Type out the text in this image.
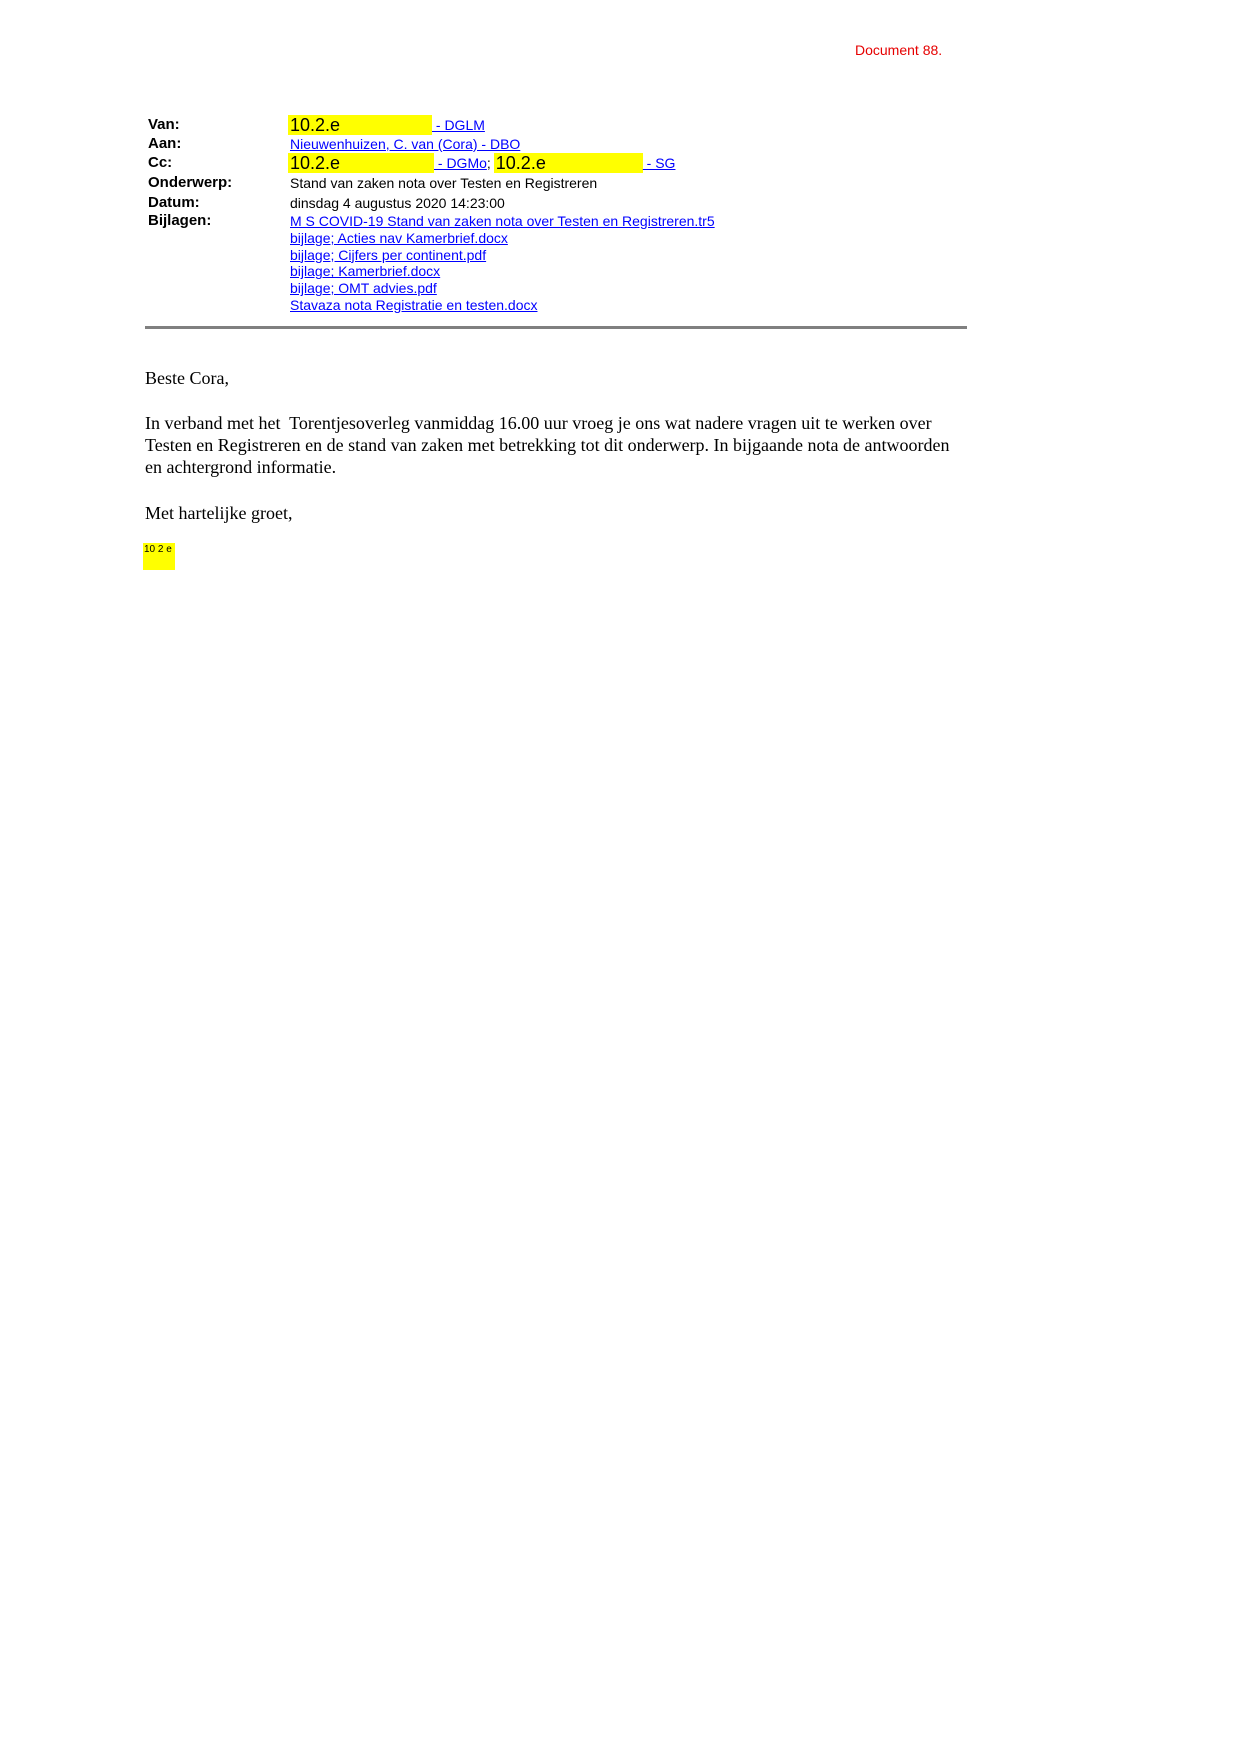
Document 88.
Van:	10.2.e	- DGLM
Aan:	Nieuwenhuizen, C. van (Cora) - DBO
Cc:	10.2.e	- DGMo ; 10.2.e	- SG
Onderwerp:	Stand van zaken nota over Testen en Registreren
Datum:	dinsdag 4 augustus 2020 14:23:00
Bijlagen:	M S COVID-19 Stand van zaken nota over Testen en Registreren.tr5
bijlage; Acties nav Kamerbrief.docx
bijlage; Cijfers per continent.pdf
bijlage; Kamerbrief.docx
bijlage; OMT advies.pdf
Stavaza nota Registratie en testen.docx
Beste Cora,
In verband met het  Torentjesoverleg vanmiddag 16.00 uur vroeg je ons wat nadere vragen uit te werken over
Testen en Registreren en de stand van zaken met betrekking tot dit onderwerp. In bijgaande nota de antwoorden
en achtergrond informatie.
Met hartelijke groet,
10 2 e
